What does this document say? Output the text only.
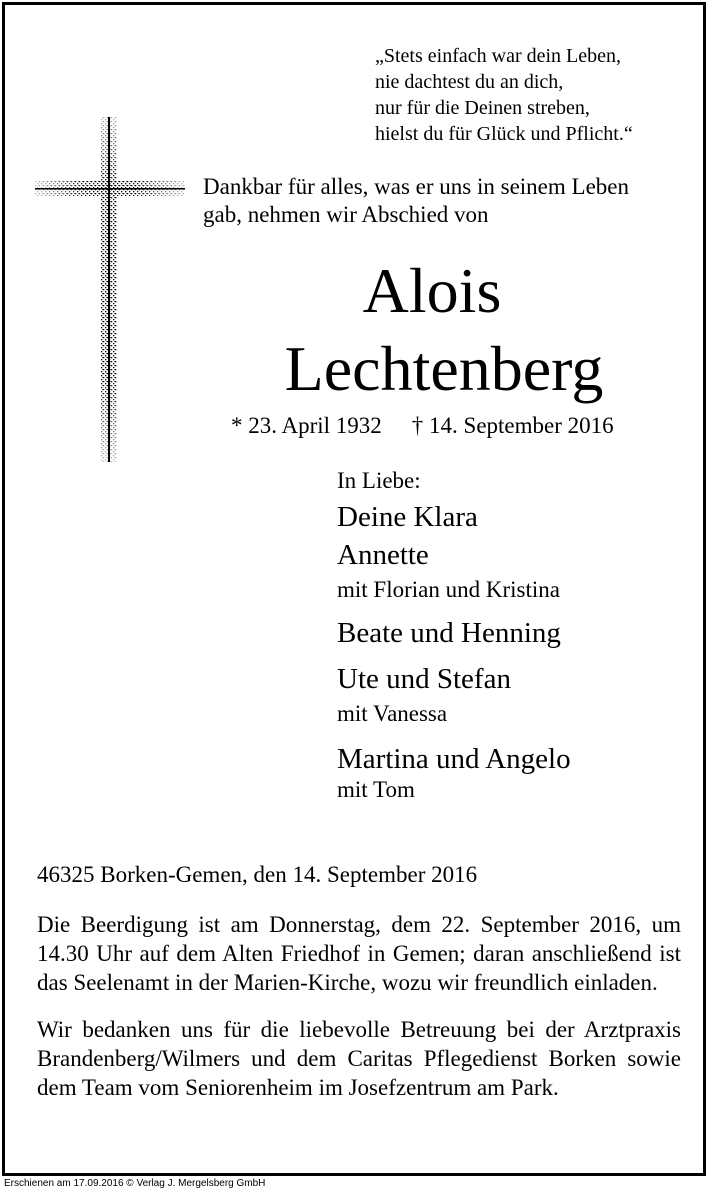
„Stets einfach war dein Leben,
nie dachtest du an dich,
nur für die Deinen streben,
hielst du für Glück und Pflicht.“
Dankbar für alles, was er uns in seinem Leben
gab, nehmen wir Abschied von
Alois
Lechtenberg
* 23. April 1932 † 14. September 2016
In Liebe:
Deine Klara
Annette
mit Florian und Kristina
Beate und Henning
Ute und Stefan
mit Vanessa
Martina und Angelo
mit Tom
46325 Borken-Gemen, den 14. September 2016
Die Beerdigung ist am Donnerstag, dem 22. September 2016, um 14.30 Uhr auf dem Alten Friedhof in Gemen; daran anschließend ist das Seelenamt in der Marien-Kirche, wozu wir freundlich einladen.
Wir bedanken uns für die liebevolle Betreuung bei der Arztpraxis Brandenberg/Wilmers und dem Caritas Pflegedienst Borken sowie dem Team vom Seniorenheim im Josefzentrum am Park.
Erschienen am 17.09.2016 © Verlag J. Mergelsberg GmbH
